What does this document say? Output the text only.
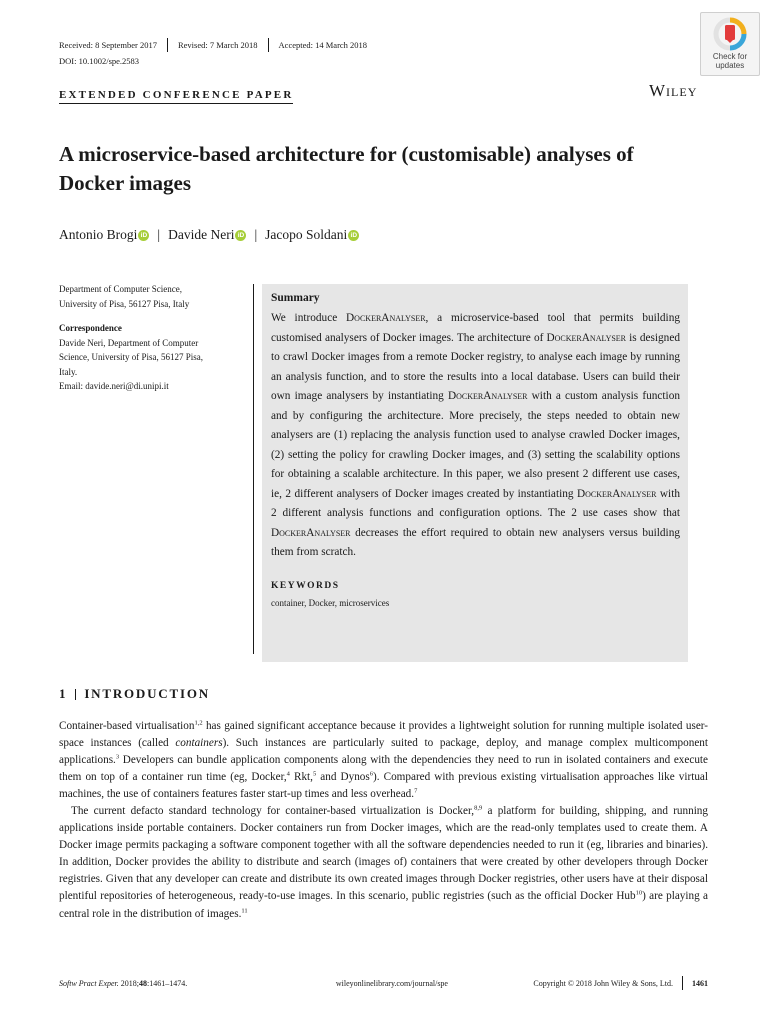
Received: 8 September 2017 Revised: 7 March 2018 Accepted: 14 March 2018
DOI: 10.1002/spe.2583	Check for
updates
Wiley
EXTENDED CONFERENCE PAPER
A microservice-based architecture for (customisable) analyses of Docker images
Antonio Brogi iD | Davide Neri iD | Jacopo Soldani iD
Department of Computer Science,
University of Pisa, 56127 Pisa, Italy
Correspondence
Davide Neri, Department of Computer
Science, University of Pisa, 56127 Pisa,
Italy.
Email: davide.neri@di.unipi.it
Summary

We introduce DockerAnalyser, a microservice-based tool that permits building customised analysers of Docker images. The architecture of DockerAnalyser is designed to crawl Docker images from a remote Docker registry, to analyse each image by running an analysis function, and to store the results into a local database. Users can build their own image analysers by instantiating DockerAnalyser with a custom analysis function and by configuring the architecture. More precisely, the steps needed to obtain new analysers are (1) replacing the analysis function used to analyse crawled Docker images, (2) setting the policy for crawling Docker images, and (3) setting the scalability options for obtaining a scalable architecture. In this paper, we also present 2 different use cases, ie, 2 different analysers of Docker images created by instantiating DockerAnalyser with 2 different analysis functions and configuration options. The 2 use cases show that DockerAnalyser decreases the effort required to obtain new analysers versus building them from scratch.

KEYWORDS
container, Docker, microservices
1 INTRODUCTION

Container-based virtualisation$^{1,2}$ has gained significant acceptance because it provides a lightweight solution for running multiple isolated user-space instances (called containers). Such instances are particularly suited to package, deploy, and manage complex multicomponent applications.$^3$ Developers can bundle application components along with the dependencies they need to run in isolated containers and execute them on top of a container run time (eg, Docker,$^4$ Rkt,$^5$ and Dynos$^6$). Compared with previous existing virtualisation approaches like virtual machines, the use of containers features faster start-up times and less overhead.$^7$

The current defacto standard technology for container-based virtualization is Docker,$^{8,9}$ a platform for building, shipping, and running applications inside portable containers. Docker containers run from Docker images, which are the read-only templates used to create them. A Docker image permits packaging a software component together with all the software dependencies needed to run it (eg, libraries and binaries). In addition, Docker provides the ability to distribute and search (images of) containers that were created by other developers through Docker registries. Given that any developer can create and distribute its own created images through Docker registries, other users have at their disposal plentiful repositories of heterogeneous, ready-to-use images. In this scenario, public registries (such as the official Docker Hub$^{10}$) are playing a central role in the distribution of images.$^{11}$

Softw Pract Exper. 2018;48:1461–1474.	wileyonlinelibrary.com/journal/spe	Copyright © 2018 John Wiley & Sons, Ltd. 1461
